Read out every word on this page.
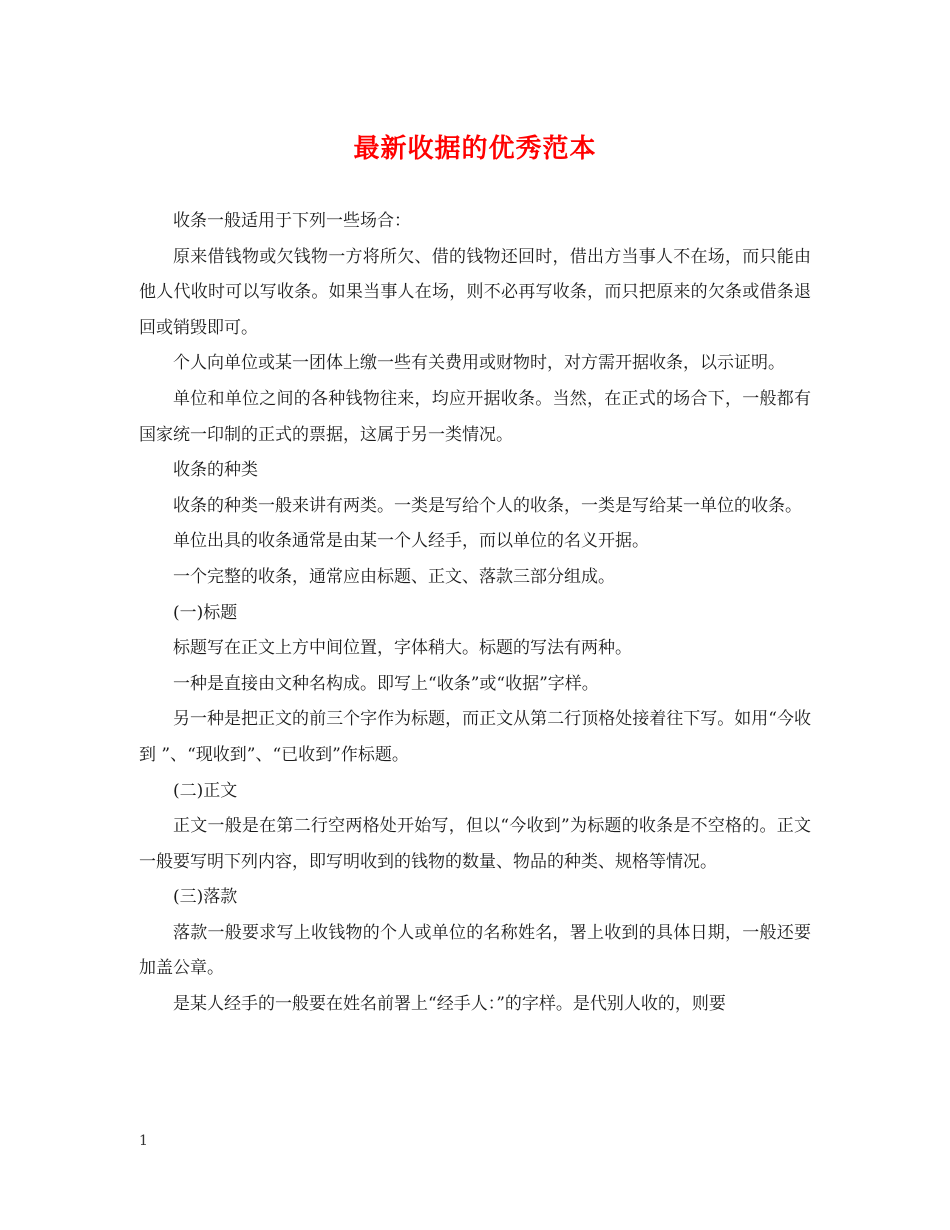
最新收据的优秀范本

收条一般适用于下列一些场合：

原来借钱物或欠钱物一方将所欠、借的钱物还回时，借出方当事人不在场，而只能由他人代收时可以写收条。如果当事人在场，则不必再写收条，而只把原来的欠条或借条退回或销毁即可。

个人向单位或某一团体上缴一些有关费用或财物时，对方需开据收条，以示证明。

单位和单位之间的各种钱物往来，均应开据收条。当然，在正式的场合下，一般都有国家统一印制的正式的票据，这属于另一类情况。

收条的种类

收条的种类一般来讲有两类。一类是写给个人的收条，一类是写给某一单位的收条。

单位出具的收条通常是由某一个人经手，而以单位的名义开据。

一个完整的收条，通常应由标题、正文、落款三部分组成。

(一)标题

标题写在正文上方中间位置，字体稍大。标题的写法有两种。

一种是直接由文种名构成。即写上“收条”或“收据”字样。

另一种是把正文的前三个字作为标题，而正文从第二行顶格处接着往下写。如用“今收到 ”、“现收到”、“已收到”作标题。

(二)正文

正文一般是在第二行空两格处开始写，但以“今收到”为标题的收条是不空格的。正文一般要写明下列内容，即写明收到的钱物的数量、物品的种类、规格等情况。

(三)落款

落款一般要求写上收钱物的个人或单位的名称姓名，署上收到的具体日期，一般还要加盖公章。

是某人经手的一般要在姓名前署上“经手人：”的字样。是代别人收的，则要

1
